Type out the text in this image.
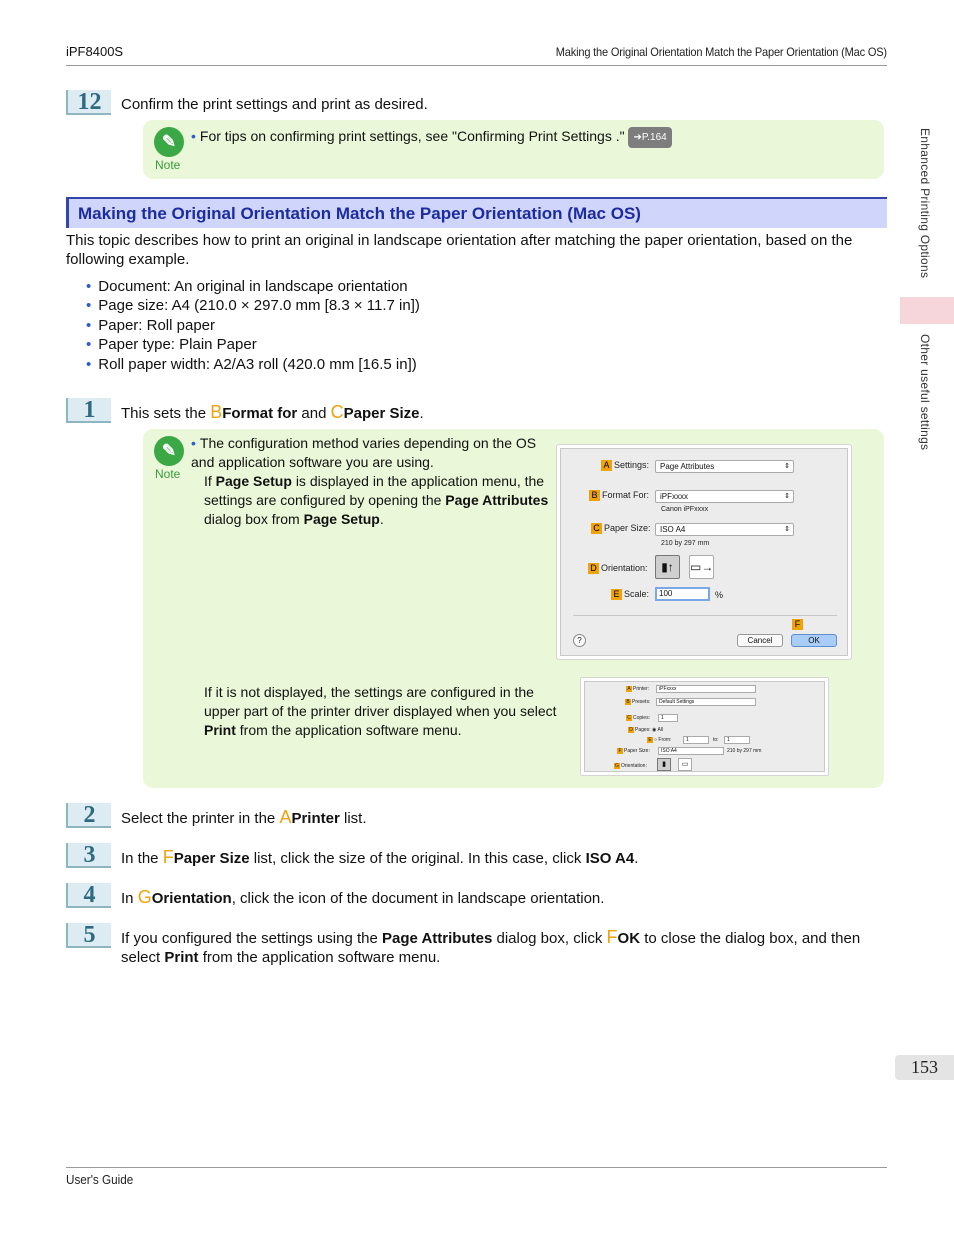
iPF8400S	Making the Original Orientation Match the Paper Orientation (Mac OS)
Enhanced Printing Options
Other useful settings
12	Confirm the print settings and print as desired.
✎
Note
• For tips on confirming print settings, see "Confirming Print Settings ." ➔P.164
Making the Original Orientation Match the Paper Orientation (Mac OS)
This topic describes how to print an original in landscape orientation after matching the paper orientation, based on the following example.
• Document: An original in landscape orientation
• Page size: A4 (210.0 × 297.0 mm [8.3 × 11.7 in])
• Paper: Roll paper
• Paper type: Plain Paper
• Roll paper width: A2/A3 roll (420.0 mm [16.5 in])
1	This sets the BFormat for and CPaper Size.
✎
Note
• The configuration method varies depending on the OS and application software you are using.
If Page Setup is displayed in the application menu, the settings are configured by opening the Page Attributes dialog box from Page Setup.
If it is not displayed, the settings are configured in the upper part of the printer driver displayed when you select Print from the application software menu.
A Settings:	Page Attributes	⇕
B Format For:	iPFxxxx	⇕
Canon iPFxxxx
C Paper Size:	ISO A4	⇕
210 by 297 mm
D Orientation:	▮↑	▭→
E Scale:	100	%
F
?	Cancel	OK
A Printer:	iPFxxxx
B Presets:	Default Settings
C Copies:	1
D Pages: ◉ All
E ○ From:	1	to:	1
F Paper Size:	ISO A4	210 by 297 mm
G Orientation:	▮	▭
2	Select the printer in the APrinter list.
3	In the FPaper Size list, click the size of the original. In this case, click ISO A4.
4	In GOrientation, click the icon of the document in landscape orientation.
5	If you configured the settings using the Page Attributes dialog box, click FOK to close the dialog box, and then select Print from the application software menu.
153
User's Guide
